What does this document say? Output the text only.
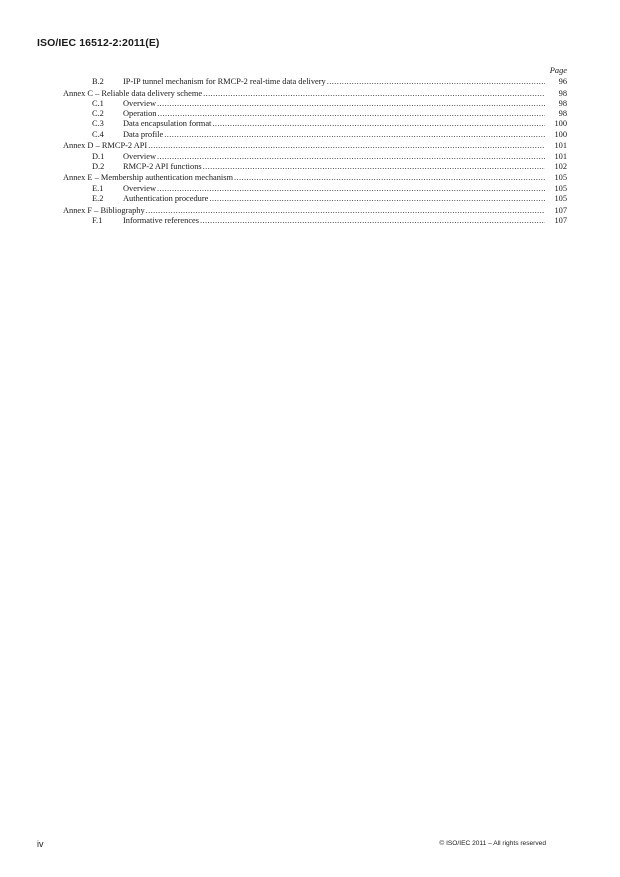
ISO/IEC 16512-2:2011(E)
Page
B.2	IP-IP tunnel mechanism for RMCP-2 real-time data delivery .....	96
Annex C – Reliable data delivery scheme .....	98
C.1	Overview .....	98
C.2	Operation .....	98
C.3	Data encapsulation format .....	100
C.4	Data profile .....	100
Annex D – RMCP-2 API .....	101
D.1	Overview .....	101
D.2	RMCP-2 API functions .....	102
Annex E – Membership authentication mechanism .....	105
E.1	Overview .....	105
E.2	Authentication procedure .....	105
Annex F – Bibliography .....	107
F.1	Informative references .....	107
iv	© ISO/IEC 2011 – All rights reserved
